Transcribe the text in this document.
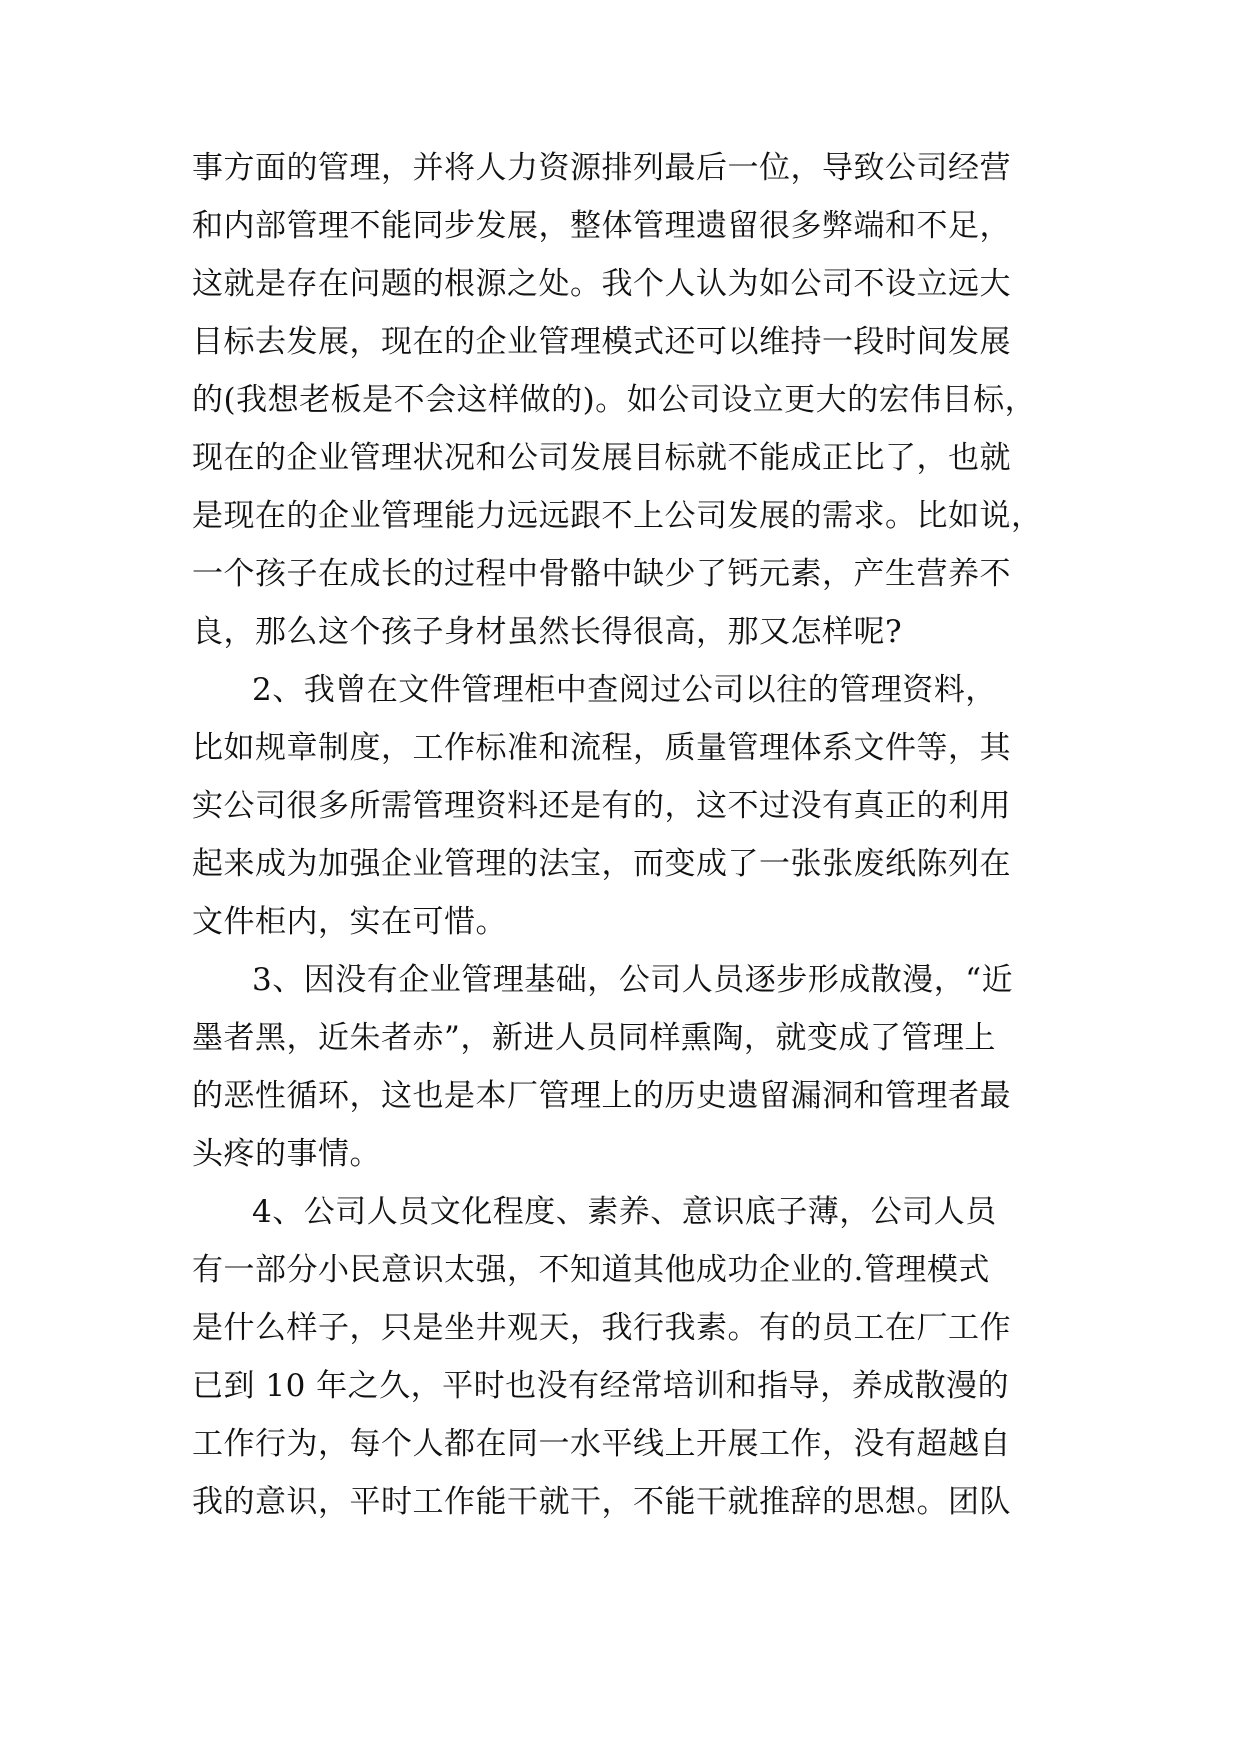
事方面的管理，并将人力资源排列最后一位，导致公司经营
和内部管理不能同步发展，整体管理遗留很多弊端和不足，
这就是存在问题的根源之处。我个人认为如公司不设立远大
目标去发展，现在的企业管理模式还可以维持一段时间发展
的(我想老板是不会这样做的)。如公司设立更大的宏伟目标，
现在的企业管理状况和公司发展目标就不能成正比了，也就
是现在的企业管理能力远远跟不上公司发展的需求。比如说，
一个孩子在成长的过程中骨骼中缺少了钙元素，产生营养不
良，那么这个孩子身材虽然长得很高，那又怎样呢?
2、我曾在文件管理柜中查阅过公司以往的管理资料，
比如规章制度，工作标准和流程，质量管理体系文件等，其
实公司很多所需管理资料还是有的，这不过没有真正的利用
起来成为加强企业管理的法宝，而变成了一张张废纸陈列在
文件柜内，实在可惜。
3、因没有企业管理基础，公司人员逐步形成散漫，“近
墨者黑，近朱者赤”，新进人员同样熏陶，就变成了管理上
的恶性循环，这也是本厂管理上的历史遗留漏洞和管理者最
头疼的事情。
4、公司人员文化程度、素养、意识底子薄，公司人员
有一部分小民意识太强，不知道其他成功企业的.管理模式
是什么样子，只是坐井观天，我行我素。有的员工在厂工作
已到 10 年之久，平时也没有经常培训和指导，养成散漫的
工作行为，每个人都在同一水平线上开展工作，没有超越自
我的意识，平时工作能干就干，不能干就推辞的思想。团队
